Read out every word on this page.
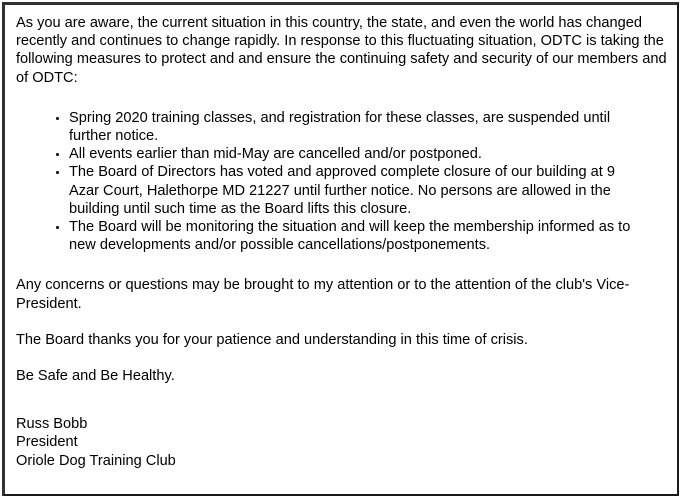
As you are aware, the current situation in this country, the state, and even the world has changed recently and continues to change rapidly. In response to this fluctuating situation, ODTC is taking the following measures to protect and and ensure the continuing safety and security of our members and of ODTC:

Spring 2020 training classes, and registration for these classes, are suspended until further notice.
All events earlier than mid-May are cancelled and/or postponed.
The Board of Directors has voted and approved complete closure of our building at 9 Azar Court, Halethorpe MD 21227 until further notice. No persons are allowed in the building until such time as the Board lifts this closure.
The Board will be monitoring the situation and will keep the membership informed as to new developments and/or possible cancellations/postponements.

Any concerns or questions may be brought to my attention or to the attention of the club's Vice-President.

The Board thanks you for your patience and understanding in this time of crisis.

Be Safe and Be Healthy.

Russ Bobb

President

Oriole Dog Training Club
